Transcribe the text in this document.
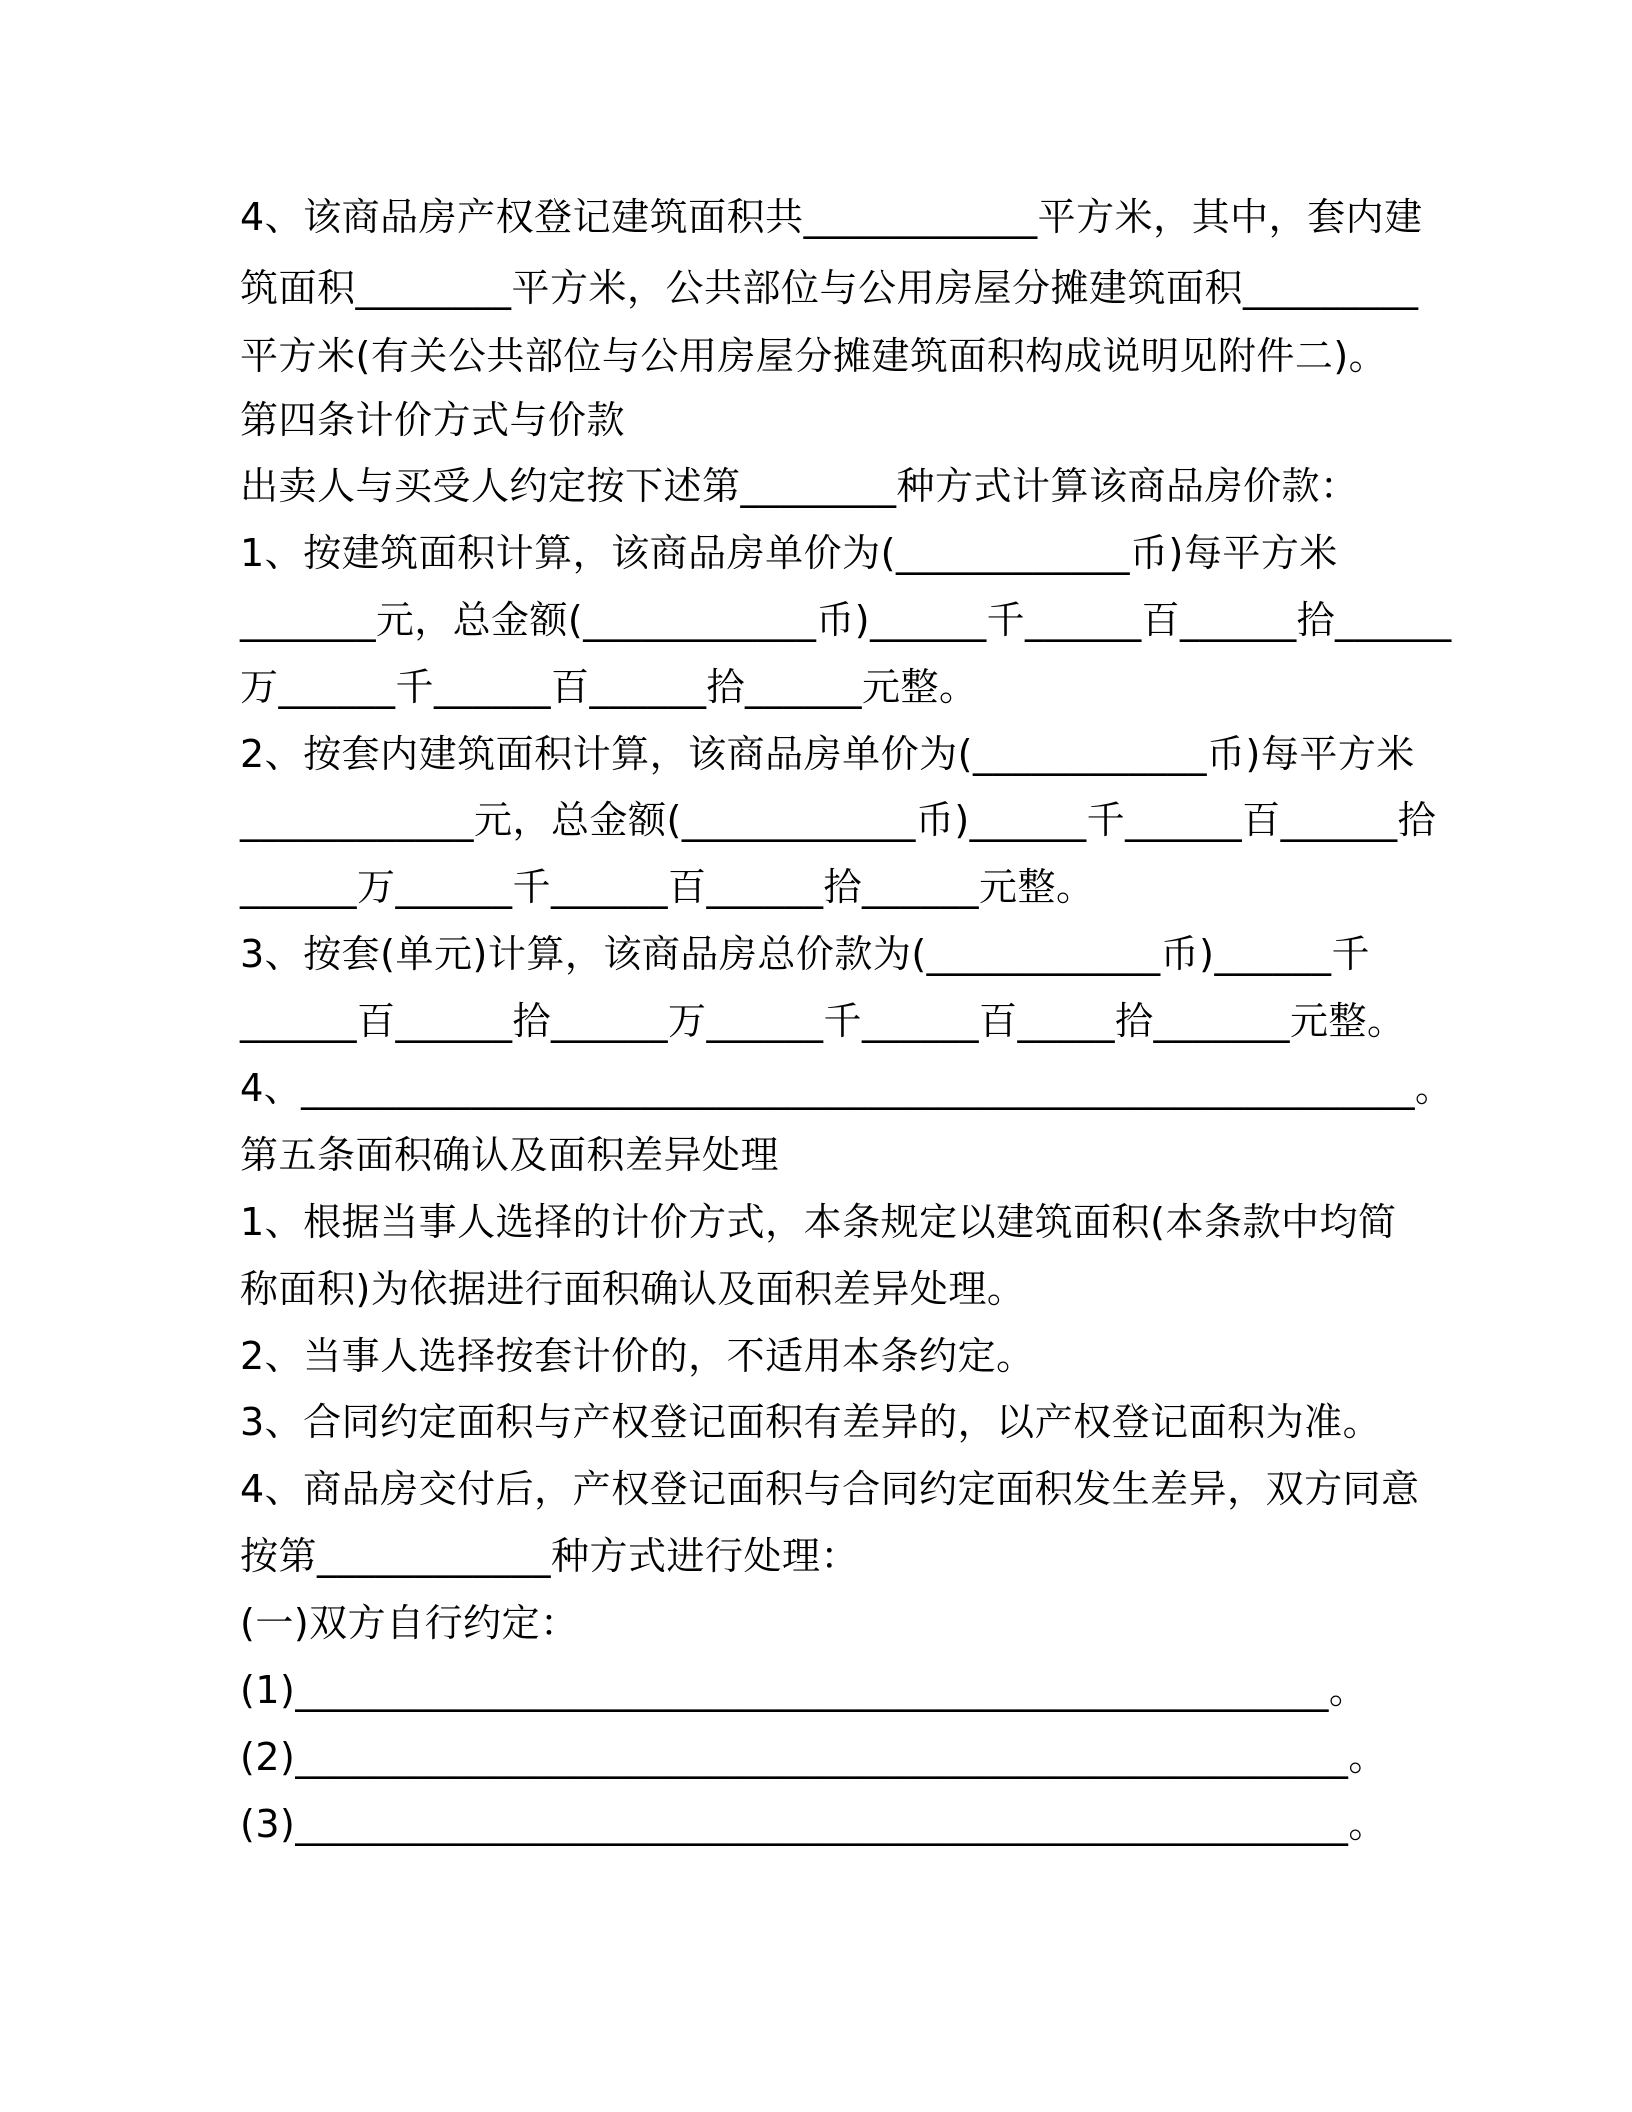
4、该商品房产权登记建筑面积共____________平方米，其中，套内建
筑面积________平方米，公共部位与公用房屋分摊建筑面积_________
平方米(有关公共部位与公用房屋分摊建筑面积构成说明见附件二)。
第四条计价方式与价款
出卖人与买受人约定按下述第________种方式计算该商品房价款：
1、按建筑面积计算，该商品房单价为(____________币)每平方米
_______元，总金额(____________币)______千______百______拾______
万______千______百______拾______元整。
2、按套内建筑面积计算，该商品房单价为(____________币)每平方米
____________元，总金额(____________币)______千______百______拾
______万______千______百______拾______元整。
3、按套(单元)计算，该商品房总价款为(____________币)______千
______百______拾______万______千______百_____拾_______元整。
4、___________________________________________________________。
第五条面积确认及面积差异处理
1、根据当事人选择的计价方式，本条规定以建筑面积(本条款中均简
称面积)为依据进行面积确认及面积差异处理。
2、当事人选择按套计价的，不适用本条约定。
3、合同约定面积与产权登记面积有差异的，以产权登记面积为准。
4、商品房交付后，产权登记面积与合同约定面积发生差异，双方同意
按第____________种方式进行处理：
(一)双方自行约定：
(1)_____________________________________________________。
(2)______________________________________________________。
(3)______________________________________________________。
